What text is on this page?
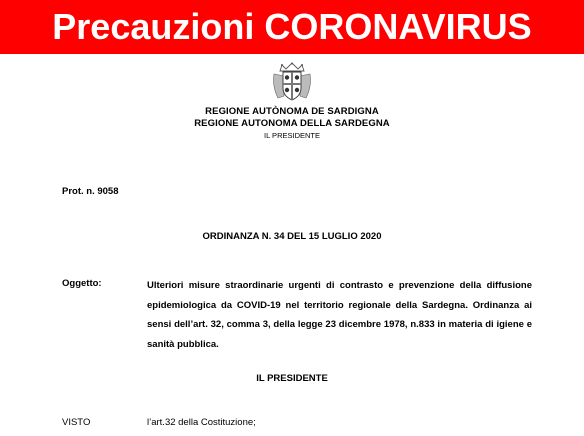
Precauzioni CORONAVIRUS
REGIONE AUTÒNOMA DE SARDIGNA
REGIONE AUTONOMA DELLA SARDEGNA
IL PRESIDENTE
Prot. n. 9058
ORDINANZA N. 34 DEL 15 LUGLIO 2020
Oggetto:	Ulteriori misure straordinarie urgenti di contrasto e prevenzione della diffusione epidemiologica da COVID-19 nel territorio regionale della Sardegna. Ordinanza ai sensi dell’art. 32, comma 3, della legge 23 dicembre 1978, n.833 in materia di igiene e sanità pubblica.
IL PRESIDENTE
VISTO	l’art.32 della Costituzione;
